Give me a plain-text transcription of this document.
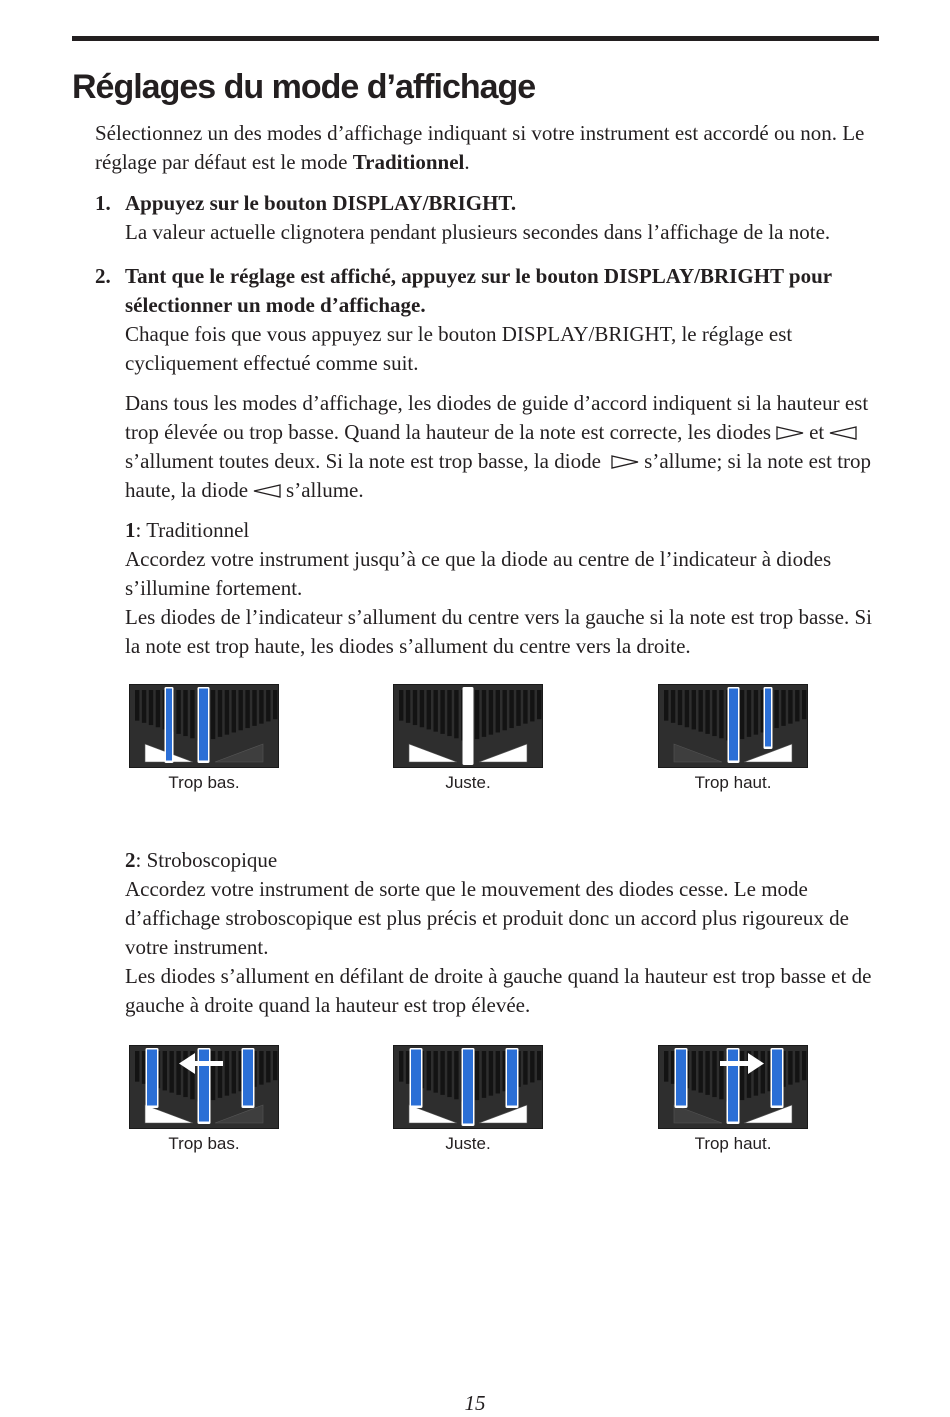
Réglages du mode d’affichage

Sélectionnez un des modes d’affichage indiquant si votre instrument est accordé ou non. Le réglage par défaut est le mode Traditionnel.

1. Appuyez sur le bouton DISPLAY/BRIGHT.

La valeur actuelle clignotera pendant plusieurs secondes dans l’affichage de la note.

2. Tant que le réglage est affiché, appuyez sur le bouton DISPLAY/BRIGHT pour sélectionner un mode d’affichage.

Chaque fois que vous appuyez sur le bouton DISPLAY/BRIGHT, le réglage est cycliquement effectué comme suit.

Dans tous les modes d’affichage, les diodes de guide d’accord indiquent si la hauteur est trop élevée ou trop basse. Quand la hauteur de la note est correcte, les diodes ets’allument toutes deux. Si la note est trop basse, la diode s’allume; si la note est trop haute, la diode s’allume.

1: Traditionnel

Accordez votre instrument jusqu’à ce que la diode au centre de l’indicateur à diodes s’illumine fortement.

Les diodes de l’indicateur s’allument du centre vers la gauche si la note est trop basse. Si la note est trop haute, les diodes s’allument du centre vers la droite.

Trop bas.	Juste.	Trop haut.

2: Stroboscopique

Accordez votre instrument de sorte que le mouvement des diodes cesse. Le mode d’affichage stroboscopique est plus précis et produit donc un accord plus rigoureux de votre instrument.

Les diodes s’allument en défilant de droite à gauche quand la hauteur est trop basse et de gauche à droite quand la hauteur est trop élevée.

Trop bas.	Juste.	Trop haut.
15
